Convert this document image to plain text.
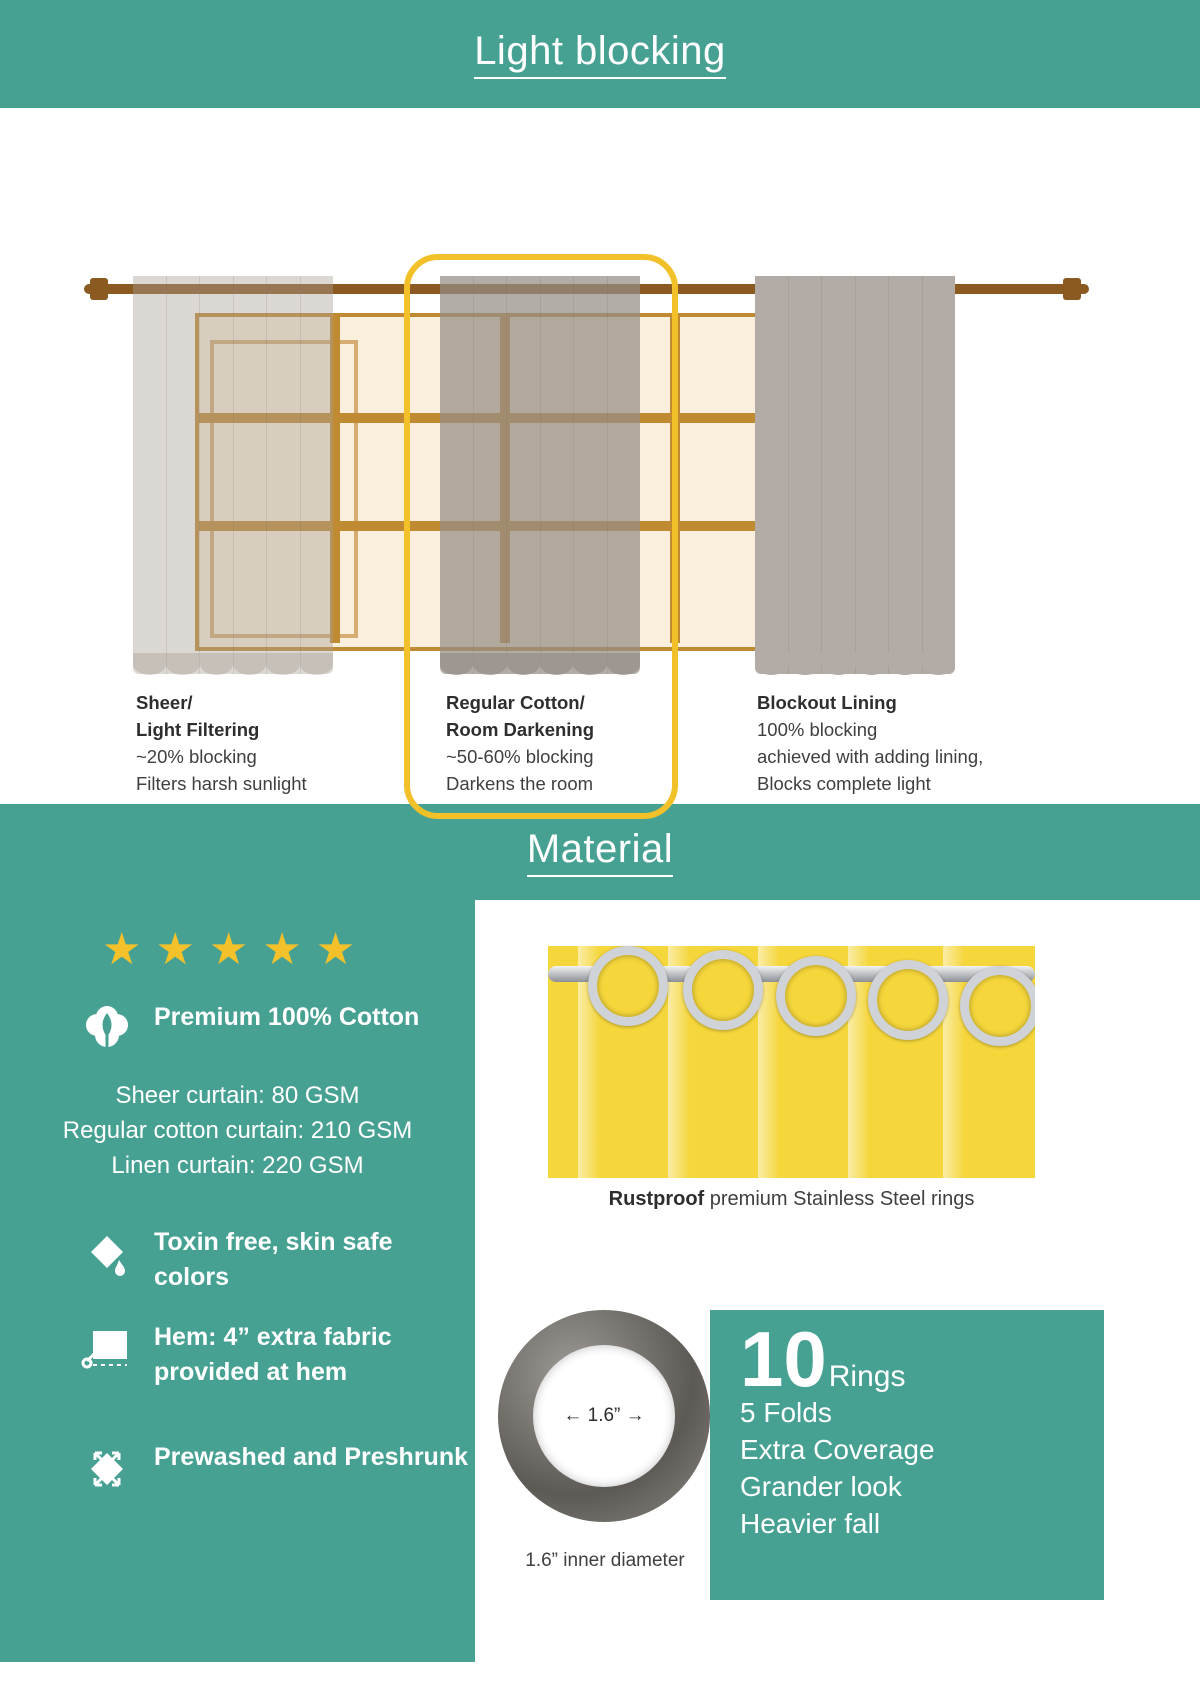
Light blocking
Sheer/
Light Filtering
~20% blocking
Filters harsh sunlight
Regular Cotton/
Room Darkening
~50-60% blocking
Darkens the room
Blockout Lining
100% blocking
achieved with adding lining,
Blocks complete light
Material
★ ★ ★ ★ ★
Premium 100% Cotton
Sheer curtain: 80 GSM
Regular cotton curtain: 210 GSM
Linen curtain: 220 GSM
Toxin free, skin safe colors
Hem: 4” extra fabric provided at hem
Prewashed and Preshrunk
Rustproof premium Stainless Steel rings
← 1.6” →
1.6” inner diameter
10 Rings
5 Folds
Extra Coverage
Grander look
Heavier fall
